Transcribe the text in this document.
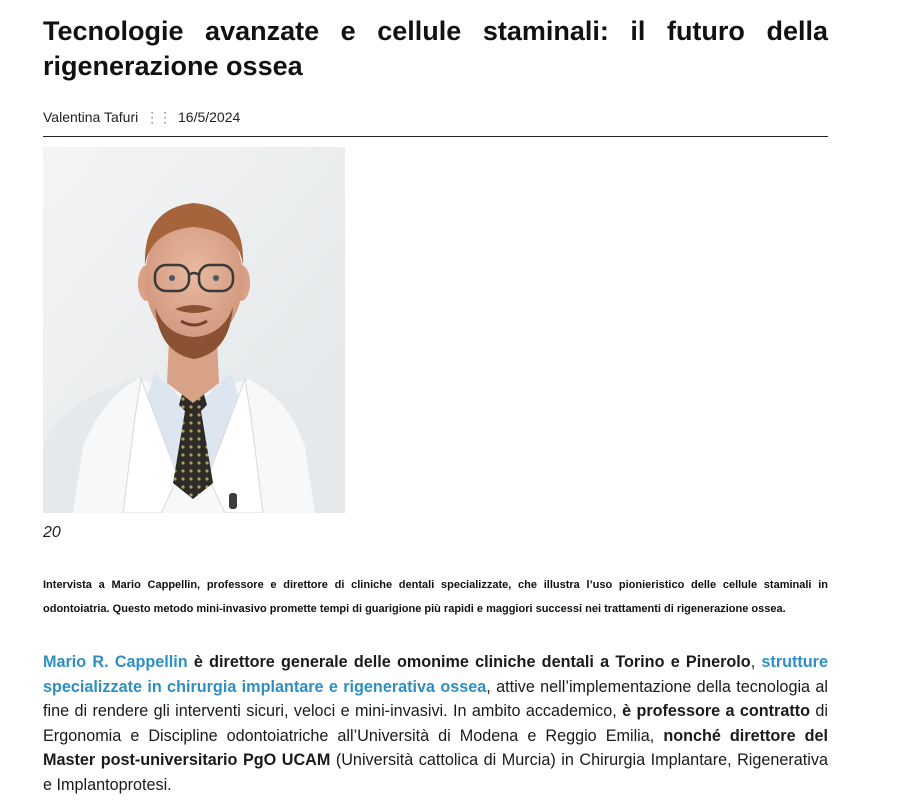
Tecnologie avanzate e cellule staminali: il futuro della rigenerazione ossea
Valentina Tafuri ⋮⋮ 16/5/2024
20

Intervista a Mario Cappellin, professore e direttore di cliniche dentali specializzate, che illustra l’uso pionieristico delle cellule staminali in odontoiatria. Questo metodo mini-invasivo promette tempi di guarigione più rapidi e maggiori successi nei trattamenti di rigenerazione ossea.

Mario R. Cappellin è direttore generale delle omonime cliniche dentali a Torino e Pinerolo, strutture specializzate in chirurgia implantare e rigenerativa ossea, attive nell’implementazione della tecnologia al fine di rendere gli interventi sicuri, veloci e mini-invasivi. In ambito accademico, è professore a contratto di Ergonomia e Discipline odontoiatriche all’Università di Modena e Reggio Emilia, nonché direttore del Master post-universitario PgO UCAM (Università cattolica di Murcia) in Chirurgia Implantare, Rigenerativa e Implantoprotesi.
